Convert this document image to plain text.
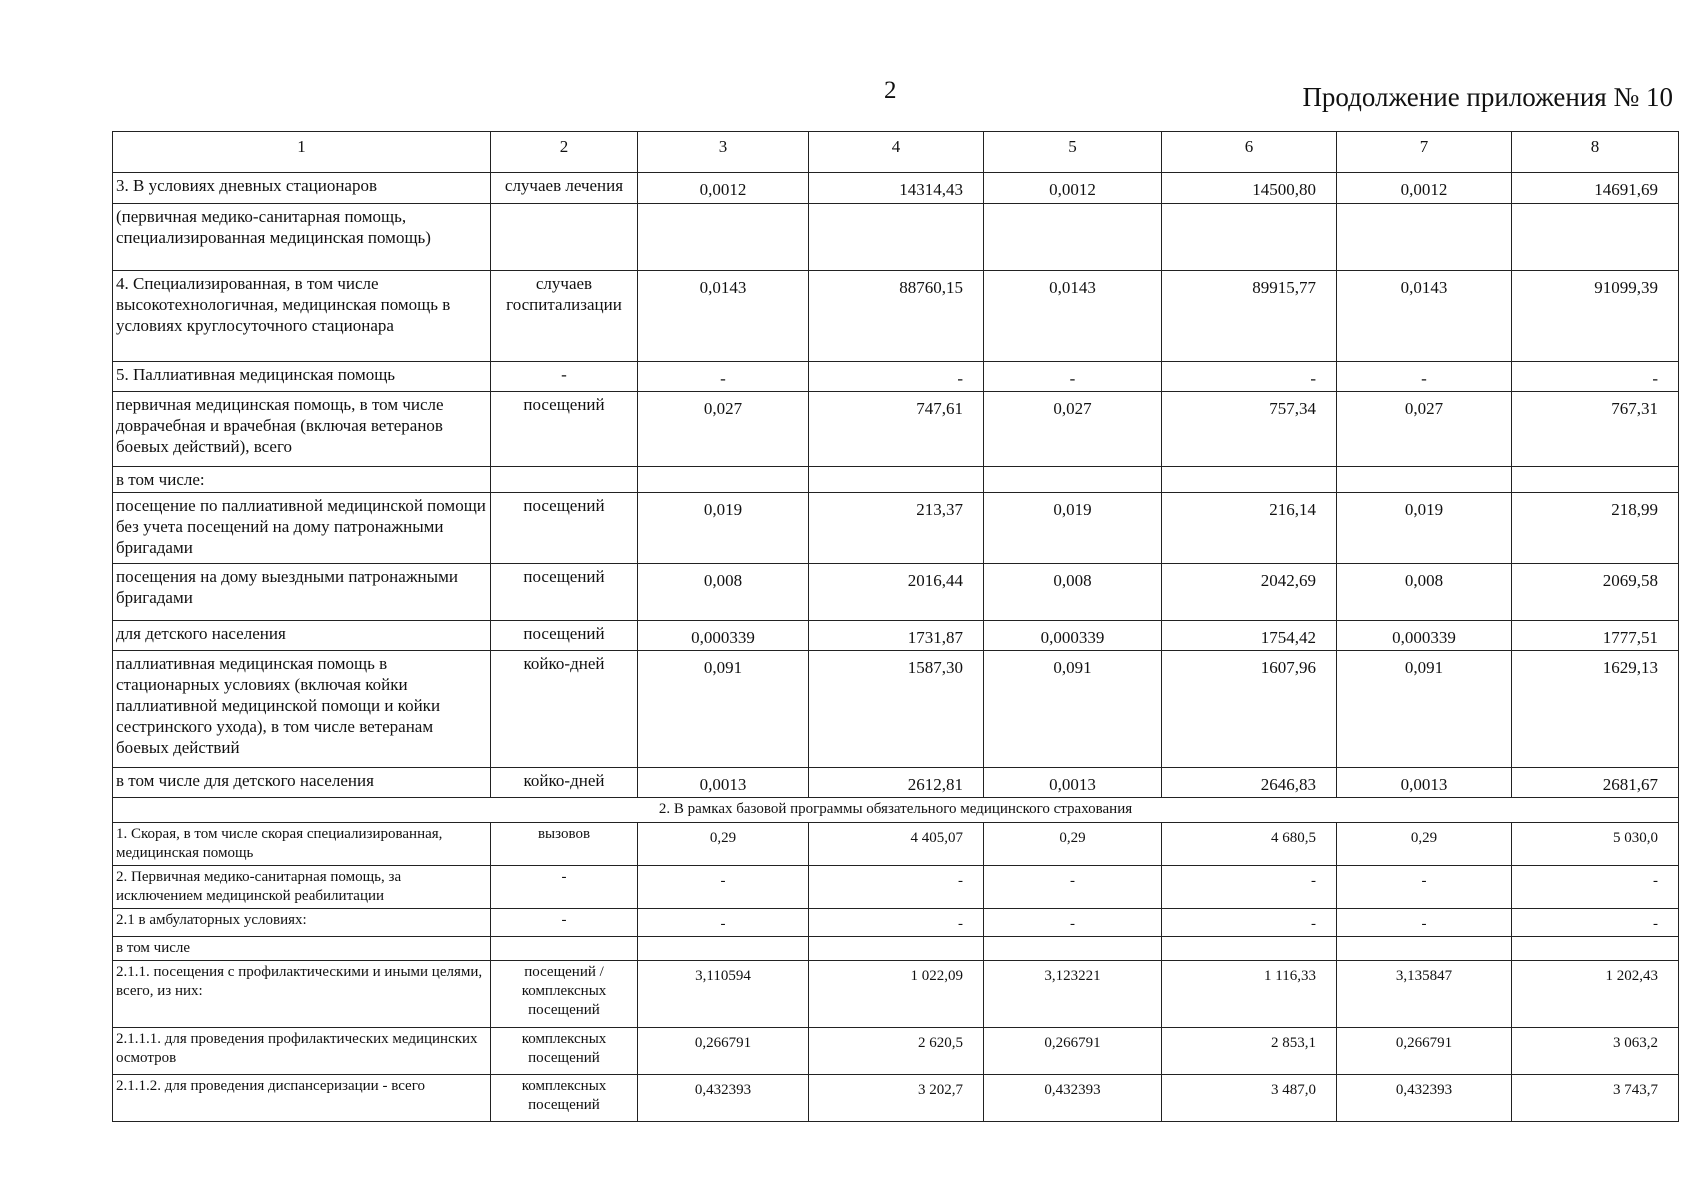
2	Продолжение приложения № 10
1	2	3	4	5	6	7	8
3. В условиях дневных стационаров	случаев лечения	0,0012	14314,43	0,0012	14500,80	0,0012	14691,69
(первичная медико-санитарная помощь, специализированная медицинская помощь)							
4. Специализированная, в том числе высокотехнологичная, медицинская помощь в условиях круглосуточного стационара	случаев госпитализации	0,0143	88760,15	0,0143	89915,77	0,0143	91099,39
5. Паллиативная медицинская помощь	-	-	-	-	-	-	-
первичная медицинская помощь, в том числе доврачебная и врачебная (включая ветеранов боевых действий), всего	посещений	0,027	747,61	0,027	757,34	0,027	767,31
в том числе:							
посещение по паллиативной медицинской помощи без учета посещений на дому патронажными бригадами	посещений	0,019	213,37	0,019	216,14	0,019	218,99
посещения на дому выездными патронажными бригадами	посещений	0,008	2016,44	0,008	2042,69	0,008	2069,58
для детского населения	посещений	0,000339	1731,87	0,000339	1754,42	0,000339	1777,51
паллиативная медицинская помощь в стационарных условиях (включая койки паллиативной медицинской помощи и койки сестринского ухода), в том числе ветеранам боевых действий	койко-дней	0,091	1587,30	0,091	1607,96	0,091	1629,13
в том числе для детского населения	койко-дней	0,0013	2612,81	0,0013	2646,83	0,0013	2681,67
2. В рамках базовой программы обязательного медицинского страхования							
1. Скорая, в том числе скорая специализированная, медицинская помощь	вызовов	0,29	4 405,07	0,29	4 680,5	0,29	5 030,0
2. Первичная медико-санитарная помощь, за исключением медицинской реабилитации	-	-	-	-	-	-	-
2.1 в амбулаторных условиях:	-	-	-	-	-	-	-
в том числе							
2.1.1. посещения с профилактическими и иными целями, всего, из них:	посещений /комплексных посещений	3,110594	1 022,09	3,123221	1 116,33	3,135847	1 202,43
2.1.1.1. для проведения профилактических медицинских осмотров	комплексных посещений	0,266791	2 620,5	0,266791	2 853,1	0,266791	3 063,2
2.1.1.2. для проведения диспансеризации - всего	комплексных посещений	0,432393	3 202,7	0,432393	3 487,0	0,432393	3 743,7
